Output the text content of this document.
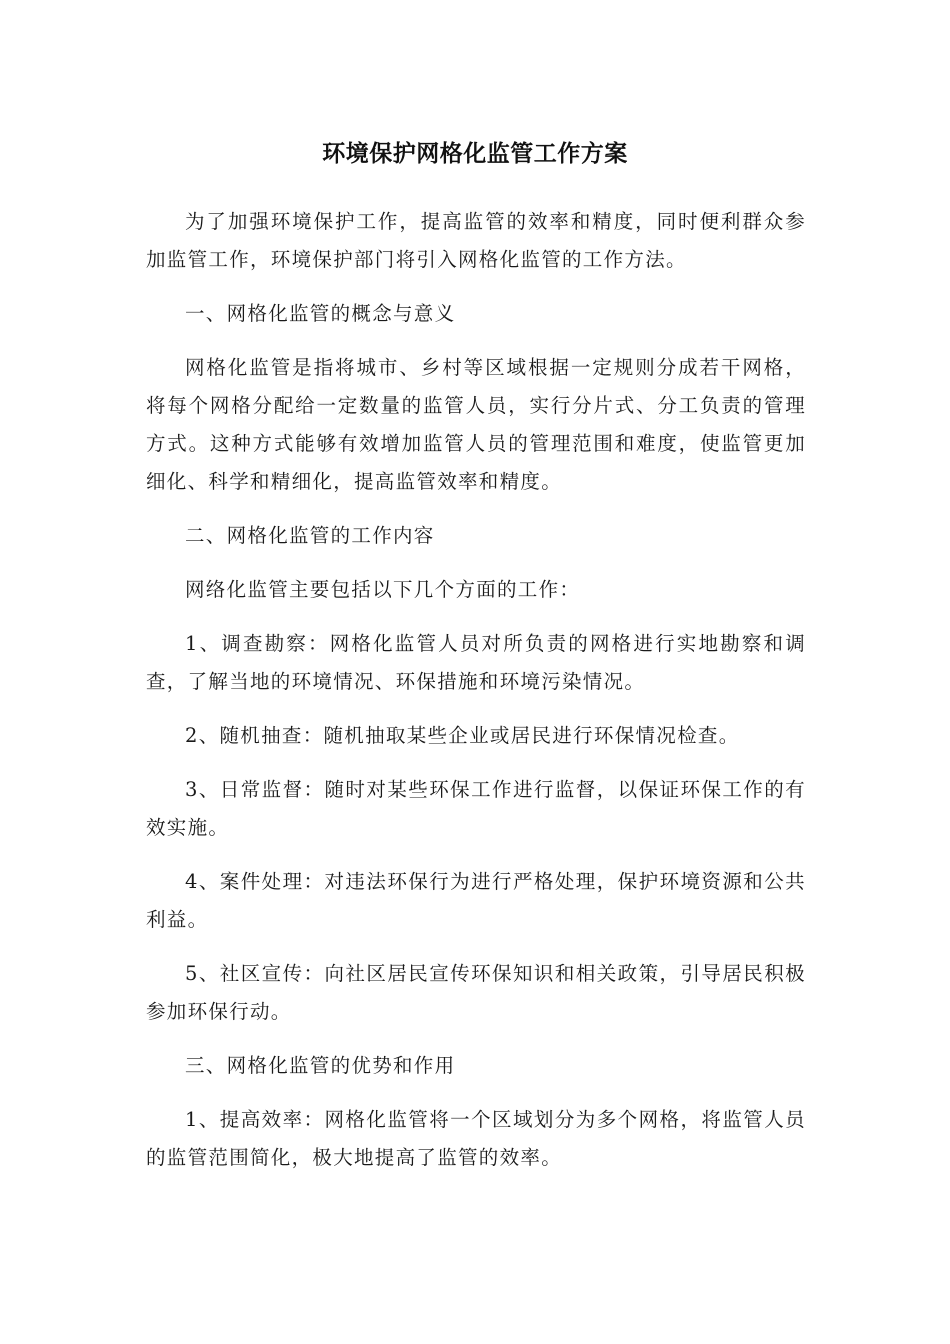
环境保护网格化监管工作方案

为了加强环境保护工作，提高监管的效率和精度，同时便利群众参加监管工作，环境保护部门将引入网格化监管的工作方法。

一、网格化监管的概念与意义

网格化监管是指将城市、乡村等区域根据一定规则分成若干网格，将每个网格分配给一定数量的监管人员，实行分片式、分工负责的管理方式。这种方式能够有效增加监管人员的管理范围和难度，使监管更加细化、科学和精细化，提高监管效率和精度。

二、网格化监管的工作内容

网络化监管主要包括以下几个方面的工作：

1、调查勘察：网格化监管人员对所负责的网格进行实地勘察和调查，了解当地的环境情况、环保措施和环境污染情况。

2、随机抽查：随机抽取某些企业或居民进行环保情况检查。

3、日常监督：随时对某些环保工作进行监督，以保证环保工作的有效实施。

4、案件处理：对违法环保行为进行严格处理，保护环境资源和公共利益。

5、社区宣传：向社区居民宣传环保知识和相关政策，引导居民积极参加环保行动。

三、网格化监管的优势和作用

1、提高效率：网格化监管将一个区域划分为多个网格，将监管人员的监管范围简化，极大地提高了监管的效率。
